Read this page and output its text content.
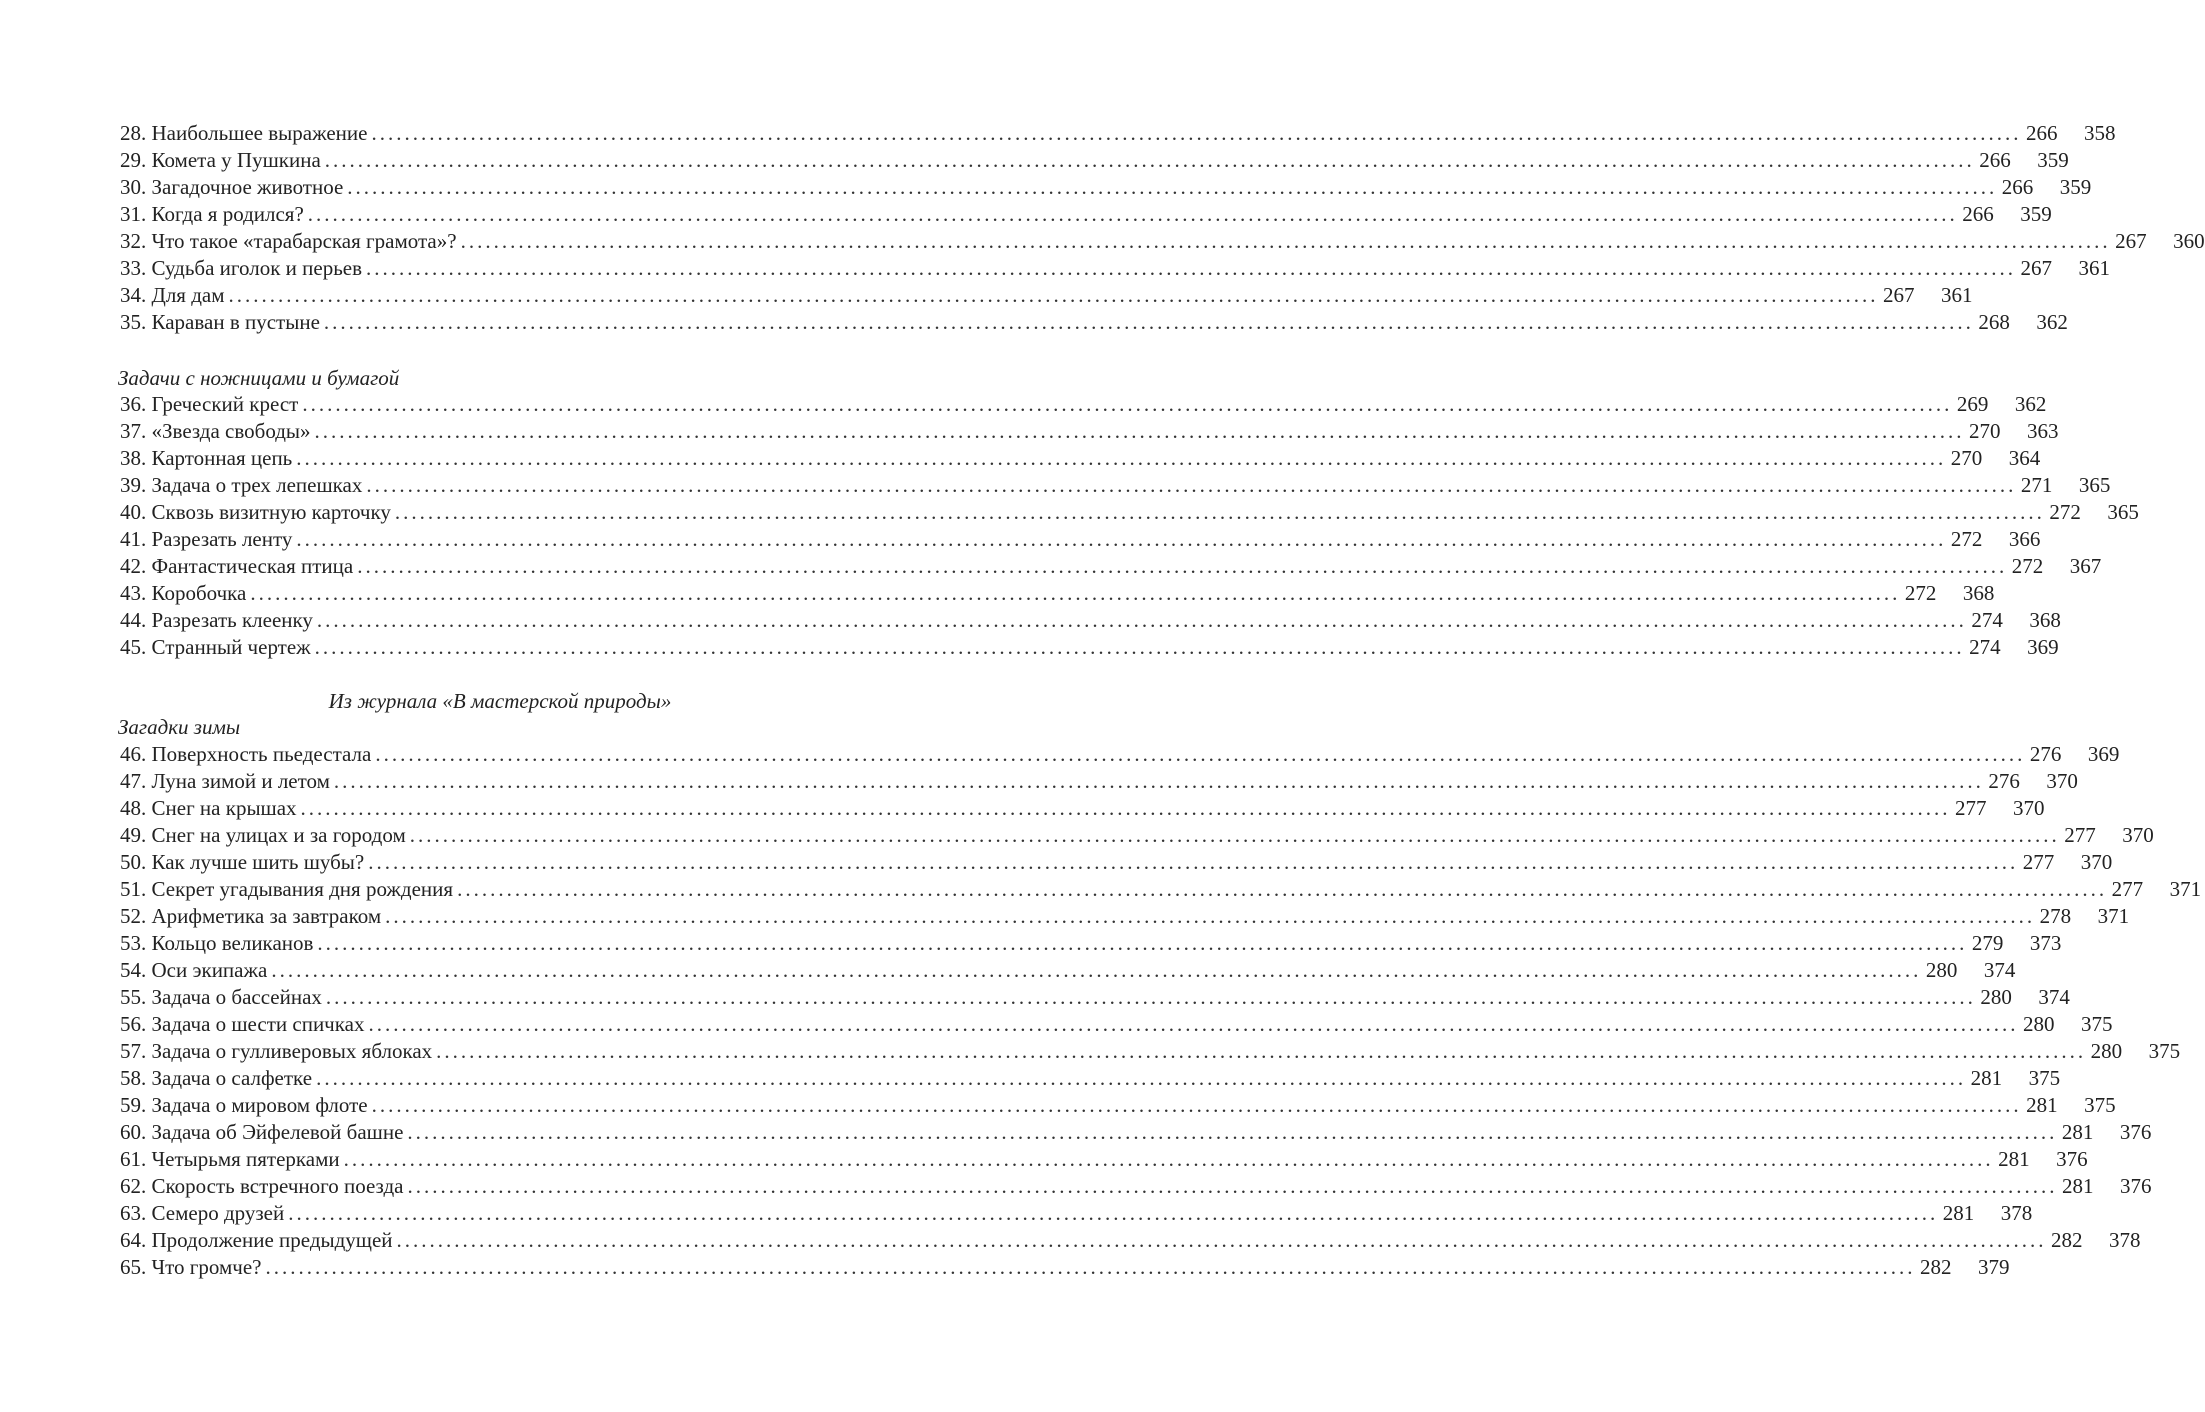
28. Наибольшее выражение ........................................................................................................................................................................................................ 266	358
29. Комета у Пушкина ........................................................................................................................................................................................................ 266	359
30. Загадочное животное ........................................................................................................................................................................................................ 266	359
31. Когда я родился? ........................................................................................................................................................................................................ 266	359
32. Что такое «тарабарская грамота»? ........................................................................................................................................................................................................ 267	360
33. Судьба иголок и перьев ........................................................................................................................................................................................................ 267	361
34. Для дам ........................................................................................................................................................................................................ 267	361
35. Караван в пустыне ........................................................................................................................................................................................................ 268	362
Задачи с ножницами и бумагой
36. Греческий крест ........................................................................................................................................................................................................ 269	362
37. «Звезда свободы» ........................................................................................................................................................................................................ 270	363
38. Картонная цепь ........................................................................................................................................................................................................ 270	364
39. Задача о трех лепешках ........................................................................................................................................................................................................ 271	365
40. Сквозь визитную карточку ........................................................................................................................................................................................................ 272	365
41. Разрезать ленту ........................................................................................................................................................................................................ 272	366
42. Фантастическая птица ........................................................................................................................................................................................................ 272	367
43. Коробочка ........................................................................................................................................................................................................ 272	368
44. Разрезать клеенку ........................................................................................................................................................................................................ 274	368
45. Странный чертеж ........................................................................................................................................................................................................ 274	369
Из журнала «В мастерской природы»
Загадки зимы
46. Поверхность пьедестала ........................................................................................................................................................................................................ 276	369
47. Луна зимой и летом ........................................................................................................................................................................................................ 276	370
48. Снег на крышах ........................................................................................................................................................................................................ 277	370
49. Снег на улицах и за городом ........................................................................................................................................................................................................ 277	370
50. Как лучше шить шубы? ........................................................................................................................................................................................................ 277	370
51. Секрет угадывания дня рождения ........................................................................................................................................................................................................ 277	371
52. Арифметика за завтраком ........................................................................................................................................................................................................ 278	371
53. Кольцо великанов ........................................................................................................................................................................................................ 279	373
54. Оси экипажа ........................................................................................................................................................................................................ 280	374
55. Задача о бассейнах ........................................................................................................................................................................................................ 280	374
56. Задача о шести спичках ........................................................................................................................................................................................................ 280	375
57. Задача о гулливеровых яблоках ........................................................................................................................................................................................................ 280	375
58. Задача о салфетке ........................................................................................................................................................................................................ 281	375
59. Задача о мировом флоте ........................................................................................................................................................................................................ 281	375
60. Задача об Эйфелевой башне ........................................................................................................................................................................................................ 281	376
61. Четырьмя пятерками ........................................................................................................................................................................................................ 281	376
62. Скорость встречного поезда ........................................................................................................................................................................................................ 281	376
63. Семеро друзей ........................................................................................................................................................................................................ 281	378
64. Продолжение предыдущей ........................................................................................................................................................................................................ 282	378
65. Что громче? ........................................................................................................................................................................................................ 282	379
